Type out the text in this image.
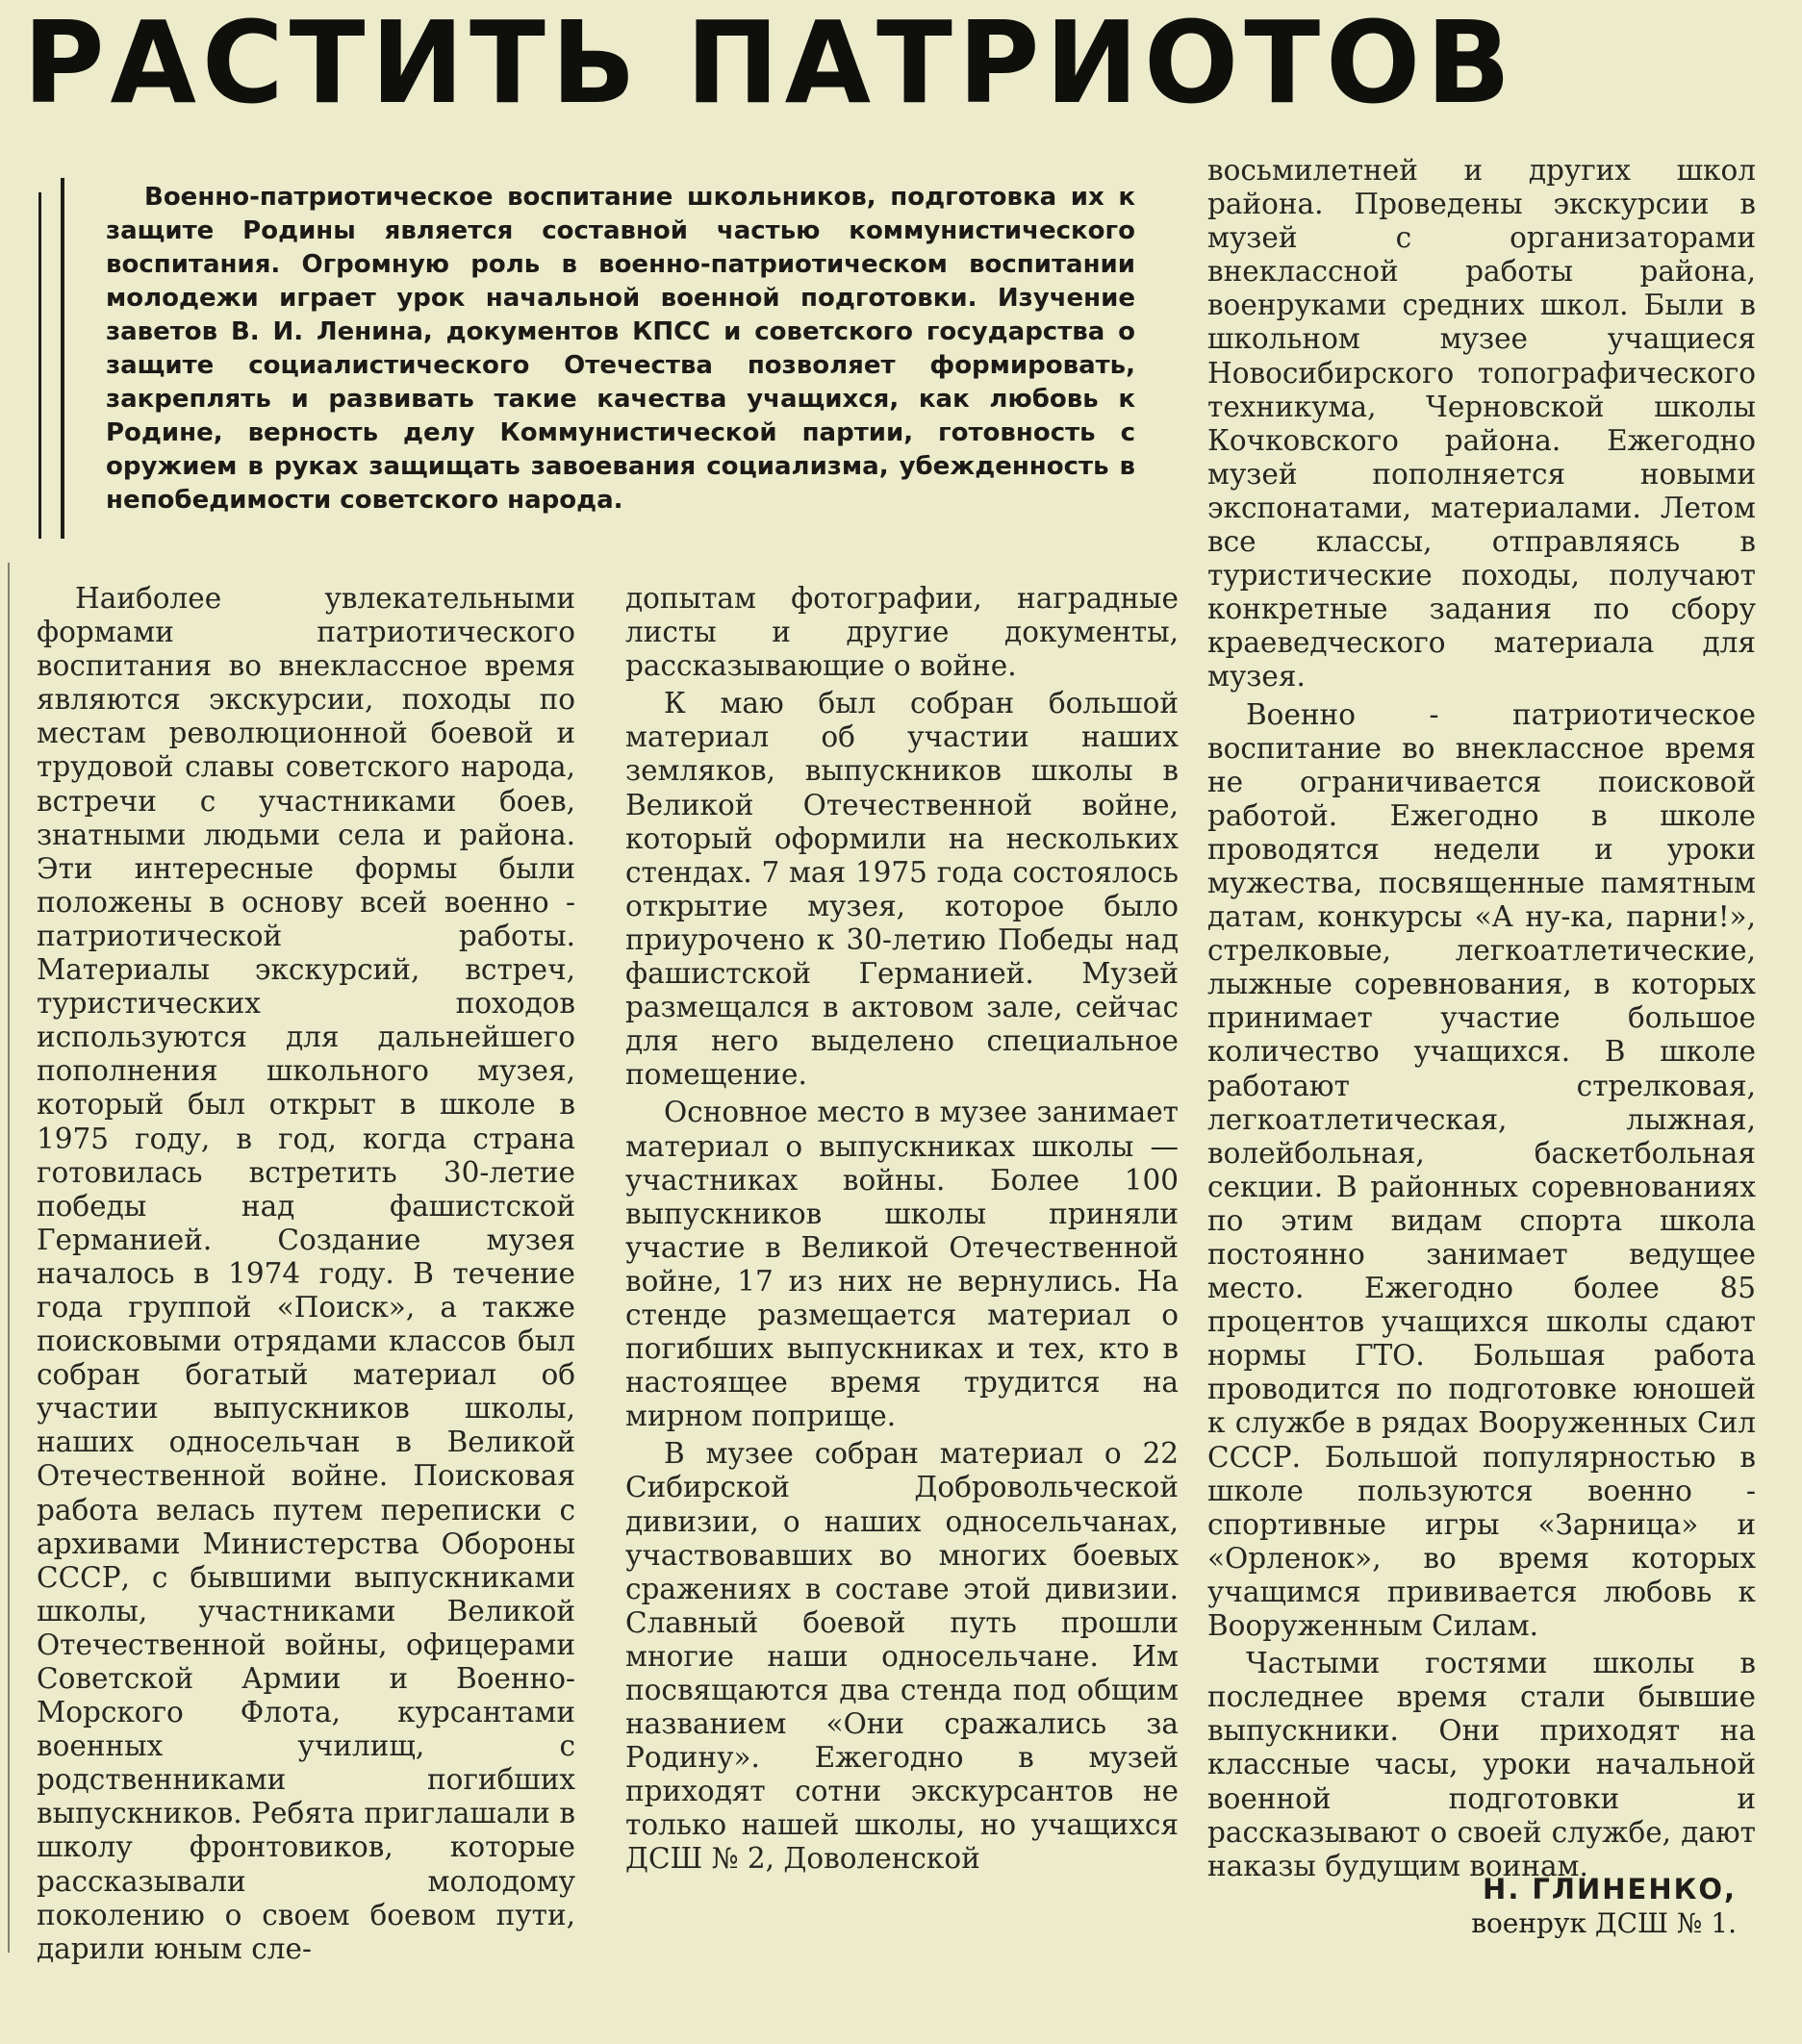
РАСТИТЬ ПАТРИОТОВ
Военно-патриотическое воспитание школьников, подготовка их к защите Родины является составной частью коммунистического воспитания. Огромную роль в военно-патриотическом воспитании молодежи играет урок начальной военной подготовки. Изучение заветов В. И. Ленина, документов КПСС и советского государства о защите социалистического Отечества позволяет формировать, закреплять и развивать такие качества учащихся, как любовь к Родине, верность делу Коммунистической партии, готовность с оружием в руках защищать завоевания социализма, убежденность в непобедимости советского народа.

Наиболее увлекательными формами патриотического воспитания во внеклассное время являются экскурсии, походы по местам революционной боевой и трудовой славы советского народа, встречи с участниками боев, знатными людьми села и района. Эти интересные формы были положены в основу всей военно - патриотической работы. Материалы экскурсий, встреч, туристических походов используются для дальнейшего пополнения школьного музея, который был открыт в школе в 1975 году, в год, когда страна готовилась встретить 30-летие победы над фашистской Германией. Создание музея началось в 1974 году. В течение года группой «Поиск», а также поисковыми отрядами классов был собран богатый материал об участии выпускников школы, наших односельчан в Великой Отечественной войне. Поисковая работа велась путем переписки с архивами Министерства Обороны СССР, с бывшими выпускниками школы, участниками Великой Отечественной войны, офицерами Советской Армии и Военно-Морского Флота, курсантами военных училищ, с родственниками погибших выпускников. Ребята приглашали в школу фронтовиков, которые рассказывали молодому поколению о своем боевом пути, дарили юным сле-

допытам фотографии, наградные листы и другие документы, рассказывающие о войне.

К маю был собран большой материал об участии наших земляков, выпускников школы в Великой Отечественной войне, который оформили на нескольких стендах. 7 мая 1975 года состоялось открытие музея, которое было приурочено к 30-летию Победы над фашистской Германией. Музей размещался в актовом зале, сейчас для него выделено специальное помещение.

Основное место в музее занимает материал о выпускниках школы — участниках войны. Более 100 выпускников школы приняли участие в Великой Отечественной войне, 17 из них не вернулись. На стенде размещается материал о погибших выпускниках и тех, кто в настоящее время трудится на мирном поприще.

В музее собран материал о 22 Сибирской Добровольческой дивизии, о наших односельчанах, участвовавших во многих боевых сражениях в составе этой дивизии. Славный боевой путь прошли многие наши односельчане. Им посвящаются два стенда под общим названием «Они сражались за Родину». Ежегодно в музей приходят сотни экскурсантов не только нашей школы, но учащихся ДСШ № 2, Доволенской

восьмилетней и других школ района. Проведены экскурсии в музей с организаторами внеклассной работы района, военруками средних школ. Были в школьном музее учащиеся Новосибирского топографического техникума, Черновской школы Кочковского района. Ежегодно музей пополняется новыми экспонатами, материалами. Летом все классы, отправляясь в туристические походы, получают конкретные задания по сбору краеведческого материала для музея.

Военно - патриотическое воспитание во внеклассное время не ограничивается поисковой работой. Ежегодно в школе проводятся недели и уроки мужества, посвященные памятным датам, конкурсы «А ну-ка, парни!», стрелковые, легкоатлетические, лыжные соревнования, в которых принимает участие большое количество учащихся. В школе работают стрелковая, легкоатлетическая, лыжная, волейбольная, баскетбольная секции. В районных соревнованиях по этим видам спорта школа постоянно занимает ведущее место. Ежегодно более 85 процентов учащихся школы сдают нормы ГТО. Большая работа проводится по подготовке юношей к службе в рядах Вооруженных Сил СССР. Большой популярностью в школе пользуются военно - спортивные игры «Зарница» и «Орленок», во время которых учащимся прививается любовь к Вооруженным Силам.

Частыми гостями школы в последнее время стали бывшие выпускники. Они приходят на классные часы, уроки начальной военной подготовки и рассказывают о своей службе, дают наказы будущим воинам.

Н. ГЛИНЕНКО,
военрук ДСШ № 1.
